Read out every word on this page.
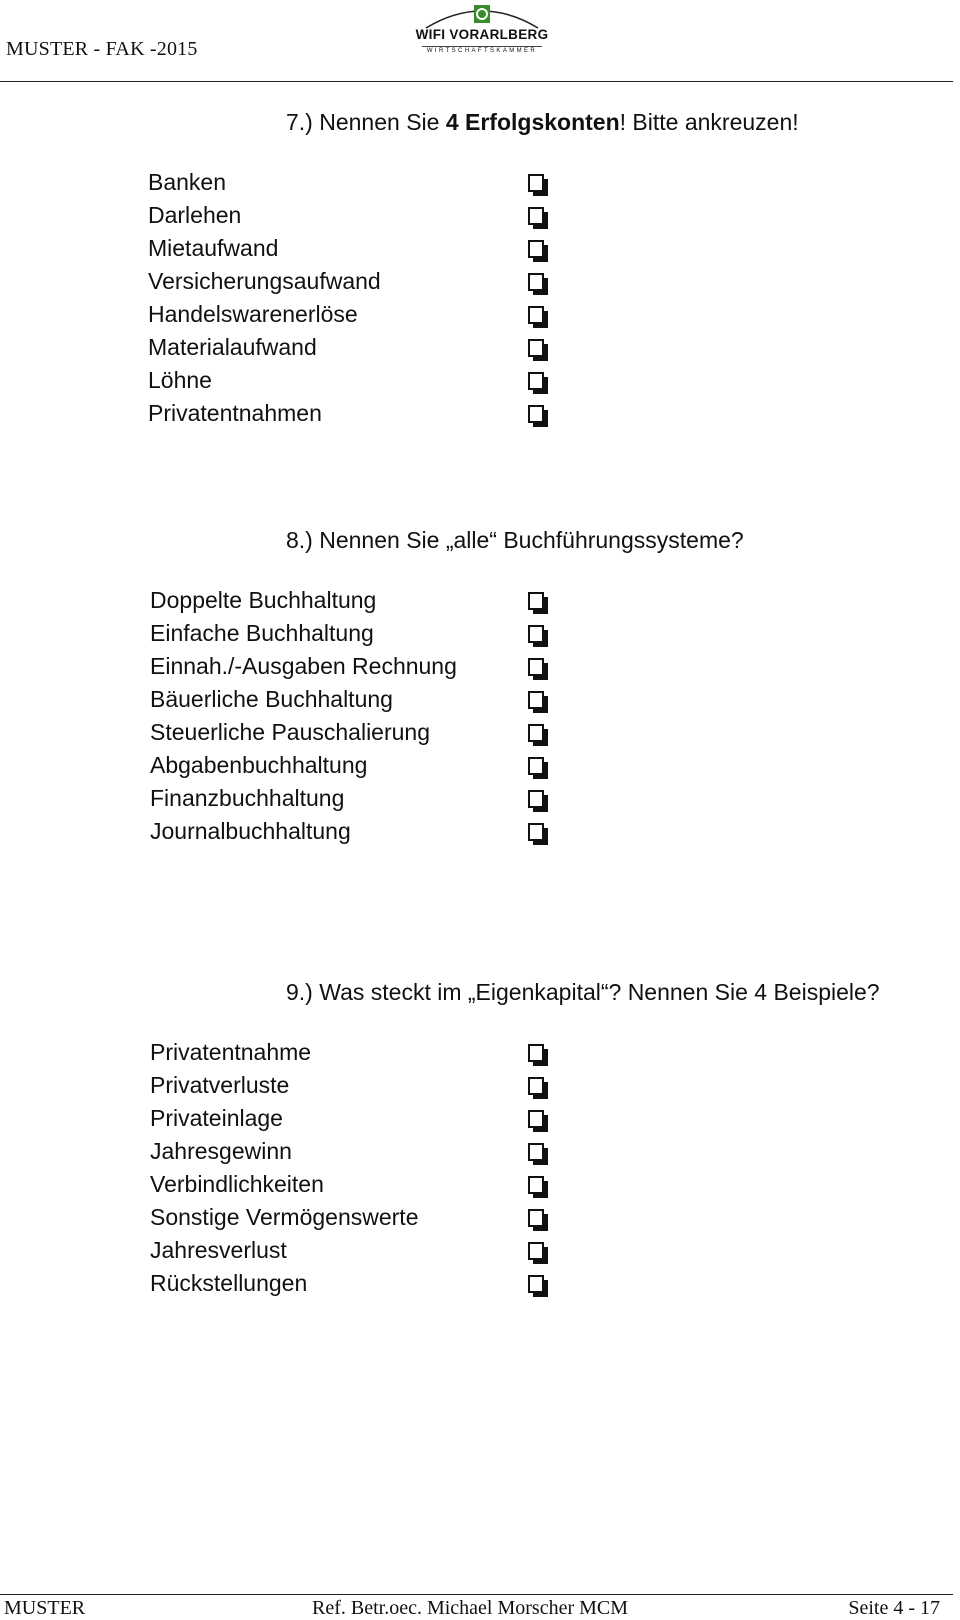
MUSTER - FAK -2015
WIFI VORARLBERG
WIRTSCHAFTSKAMMER
7.) Nennen Sie 4 Erfolgskonten! Bitte ankreuzen!
Banken
Darlehen
Mietaufwand
Versicherungsaufwand
Handelswarenerlöse
Materialaufwand
Löhne
Privatentnahmen
8.) Nennen Sie „alle“ Buchführungssysteme?
Doppelte Buchhaltung
Einfache Buchhaltung
Einnah./-Ausgaben Rechnung
Bäuerliche Buchhaltung
Steuerliche Pauschalierung
Abgabenbuchhaltung
Finanzbuchhaltung
Journalbuchhaltung
9.) Was steckt im „Eigenkapital“? Nennen Sie 4 Beispiele?
Privatentnahme
Privatverluste
Privateinlage
Jahresgewinn
Verbindlichkeiten
Sonstige Vermögenswerte
Jahresverlust
Rückstellungen
MUSTER	Ref. Betr.oec. Michael Morscher MCM	Seite 4 - 17
